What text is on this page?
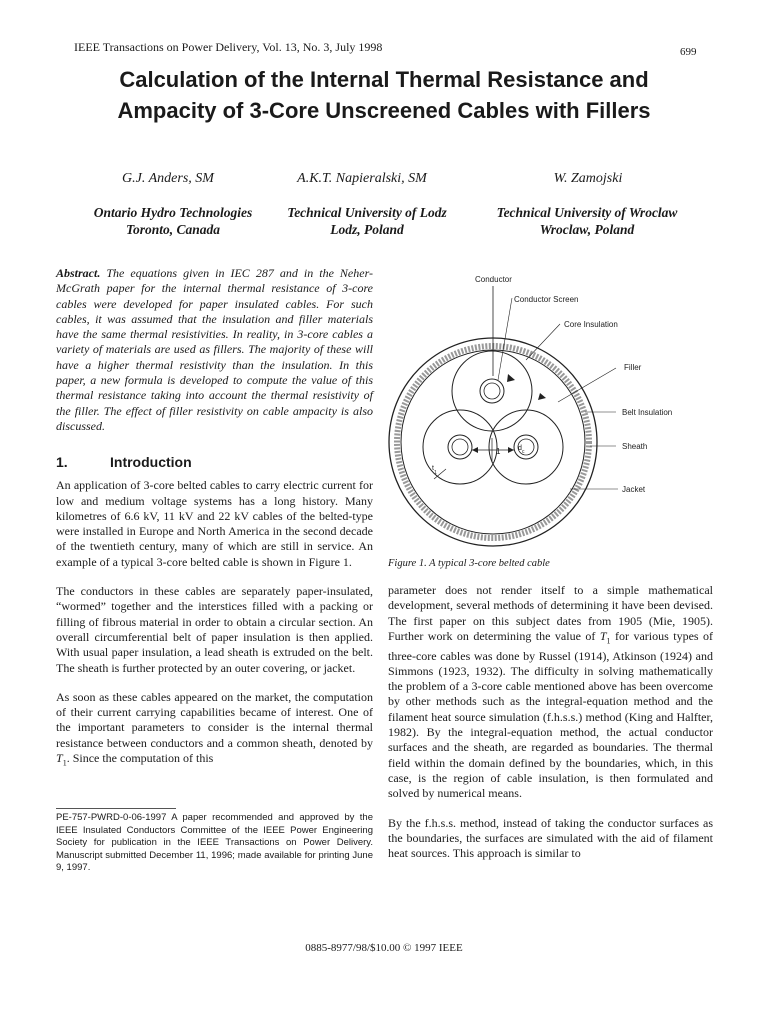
IEEE Transactions on Power Delivery, Vol. 13, No. 3, July 1998	699
Calculation of the Internal Thermal Resistance and
Ampacity of 3-Core Unscreened Cables with Fillers
G.J. Anders, SM	A.K.T. Napieralski, SM	W. Zamojski
Ontario Hydro Technologies
Toronto, Canada
Technical University of Lodz
Lodz, Poland
Technical University of Wroclaw
Wroclaw, Poland

Abstract. The equations given in IEC 287 and in the Neher-McGrath paper for the internal thermal resistance of 3-core cables were developed for paper insulated cables. For such cables, it was assumed that the insulation and filler materials have the same thermal resistivities. In reality, in 3-core cables a variety of materials are used as fillers. The majority of these will have a higher thermal resistivity than the insulation. In this paper, a new formula is developed to compute the value of this thermal resistance taking into account the thermal resistivity of the filler. The effect of filler resistivity on cable ampacity is also discussed.

1.	Introduction

An application of 3-core belted cables to carry electric current for low and medium voltage systems has a long history. Many kilometres of 6.6 kV, 11 kV and 22 kV cables of the belted-type were installed in Europe and North America in the second decade of the twentieth century, many of which are still in service. An example of a typical 3-core belted cable is shown in Figure 1.

The conductors in these cables are separately paper-insulated, “wormed” together and the interstices filled with a packing or filling of fibrous material in order to obtain a circular section. An overall circumferential belt of paper insulation is then applied. With usual paper insulation, a lead sheath is extruded on the belt. The sheath is further protected by an outer covering, or jacket.

As soon as these cables appeared on the market, the computation of their current carrying capabilities became of interest. One of the important parameters to consider is the internal thermal resistance between conductors and a common sheath, denoted by $T_1$. Since the computation of this

PE-757-PWRD-0-06-1997 A paper recommended and approved by the IEEE Insulated Conductors Committee of the IEEE Power Engineering Society for publication in the IEEE Transactions on Power Delivery. Manuscript submitted December 11, 1996; made available for printing June 9, 1997.

Conductor
Conductor Screen
Core Insulation
Filler
Belt Insulation
Sheath
Jacket
1	d c
t
1
Figure 1. A typical 3-core belted cable

parameter does not render itself to a simple mathematical development, several methods of determining it have been devised. The first paper on this subject dates from 1905 (Mie, 1905). Further work on determining the value of $T_1$ for various types of three-core cables was done by Russel (1914), Atkinson (1924) and Simmons (1923, 1932). The difficulty in solving mathematically the problem of a 3-core cable mentioned above has been overcome by other methods such as the integral-equation method and the filament heat source simulation (f.h.s.s.) method (King and Halfter, 1982). By the integral-equation method, the actual conductor surfaces and the sheath, are regarded as boundaries. The thermal field within the domain defined by the boundaries, which, in this case, is the region of cable insulation, is then formulated and solved by numerical means.

By the f.h.s.s. method, instead of taking the conductor surfaces as the boundaries, the surfaces are simulated with the aid of filament heat sources. This approach is similar to

0885-8977/98/$10.00 © 1997 IEEE
